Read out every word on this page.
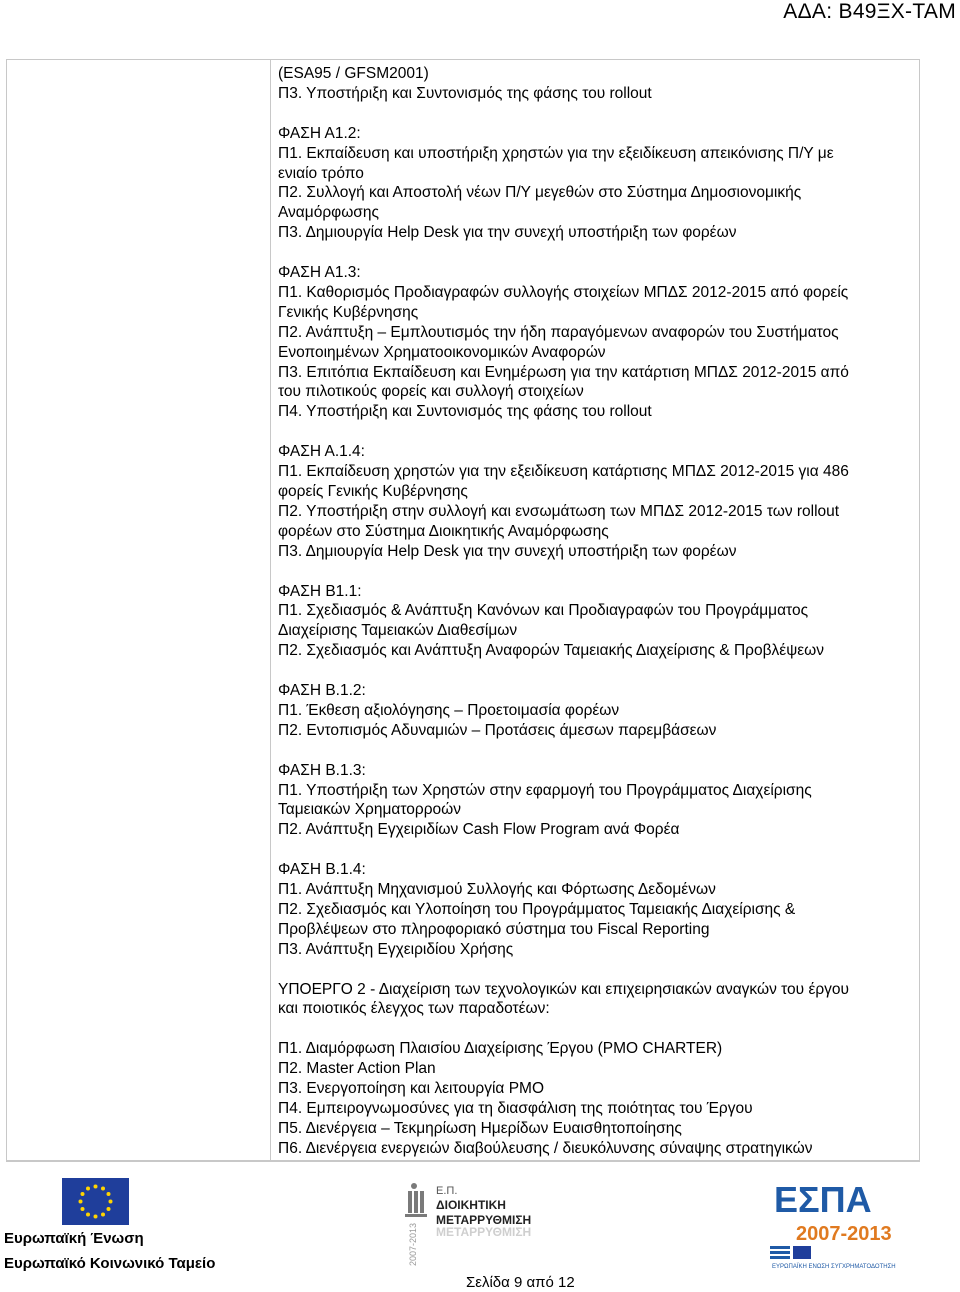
ΑΔΑ: Β49ΞΧ-ΤΑΜ
(ESA95 / GFSM2001)
Π3. Υποστήριξη και Συντονισμός της φάσης του rollout
ΦΑΣΗ Α1.2:
Π1. Εκπαίδευση και υποστήριξη χρηστών για την εξειδίκευση απεικόνισης Π/Υ με
ενιαίο τρόπο
Π2. Συλλογή και Αποστολή νέων Π/Υ μεγεθών στο Σύστημα Δημοσιονομικής
Αναμόρφωσης
Π3. Δημιουργία Help Desk για την συνεχή υποστήριξη των φορέων
ΦΑΣΗ Α1.3:
Π1. Καθορισμός Προδιαγραφών συλλογής στοιχείων ΜΠΔΣ 2012-2015 από φορείς
Γενικής Κυβέρνησης
Π2. Ανάπτυξη – Εμπλουτισμός την ήδη παραγόμενων αναφορών του Συστήματος
Ενοποιημένων Χρηματοοικονομικών Αναφορών
Π3. Επιτόπια Εκπαίδευση και Ενημέρωση για την κατάρτιση ΜΠΔΣ 2012-2015 από
του πιλοτικούς φορείς και συλλογή στοιχείων
Π4. Υποστήριξη και Συντονισμός της φάσης του rollout
ΦΑΣΗ Α.1.4:
Π1. Εκπαίδευση χρηστών για την εξειδίκευση κατάρτισης ΜΠΔΣ 2012-2015 για 486
φορείς Γενικής Κυβέρνησης
Π2. Υποστήριξη στην συλλογή και ενσωμάτωση των ΜΠΔΣ 2012-2015 των rollout
φορέων στο Σύστημα Διοικητικής Αναμόρφωσης
Π3. Δημιουργία Help Desk για την συνεχή υποστήριξη των φορέων
ΦΑΣΗ Β1.1:
Π1. Σχεδιασμός & Ανάπτυξη Κανόνων και Προδιαγραφών του Προγράμματος
Διαχείρισης Ταμειακών Διαθεσίμων
Π2. Σχεδιασμός και Ανάπτυξη Αναφορών Ταμειακής Διαχείρισης & Προβλέψεων
ΦΑΣΗ Β.1.2:
Π1. Έκθεση αξιολόγησης – Προετοιμασία φορέων
Π2. Εντοπισμός Αδυναμιών – Προτάσεις άμεσων παρεμβάσεων
ΦΑΣΗ Β.1.3:
Π1. Υποστήριξη των Χρηστών στην εφαρμογή του Προγράμματος Διαχείρισης
Ταμειακών Χρηματορροών
Π2. Ανάπτυξη Εγχειριδίων Cash Flow Program ανά Φορέα
ΦΑΣΗ Β.1.4:
Π1. Ανάπτυξη Μηχανισμού Συλλογής και Φόρτωσης Δεδομένων
Π2. Σχεδιασμός και Υλοποίηση του Προγράμματος Ταμειακής Διαχείρισης &
Προβλέψεων στο πληροφοριακό σύστημα του Fiscal Reporting
Π3. Ανάπτυξη Εγχειριδίου Χρήσης
ΥΠΟΕΡΓΟ 2 - Διαχείριση των τεχνολογικών και επιχειρησιακών αναγκών του έργου
και ποιοτικός έλεγχος των παραδοτέων:
Π1. Διαμόρφωση Πλαισίου Διαχείρισης Έργου (PMO CHARTER)
Π2. Master Action Plan
Π3. Ενεργοποίηση και λειτουργία PMO
Π4. Εμπειρογνωμοσύνες για τη διασφάλιση της ποιότητας του Έργου
Π5. Διενέργεια – Τεκμηρίωση Ημερίδων Ευαισθητοποίησης
Π6. Διενέργεια ενεργειών διαβούλευσης / διευκόλυνσης σύναψης στρατηγικών
Ευρωπαϊκή Ένωση
Ευρωπαϊκό Κοινωνικό Ταμείο	2007-2013
Ε.Π.
ΔΙΟΙΚΗΤΙΚΗ
ΜΕΤΑΡΡΥΘΜΙΣΗ
ΜΕΤΑΡΡΥΘΜΙΣΗ
ΕΣΠΑ
2007-2013
ΕΥΡΩΠΑΪΚΗ ΕΝΩΣΗ ΣΥΓΧΡΗΜΑΤΟΔΟΤΗΣΗ
Σελίδα 9 από 12
